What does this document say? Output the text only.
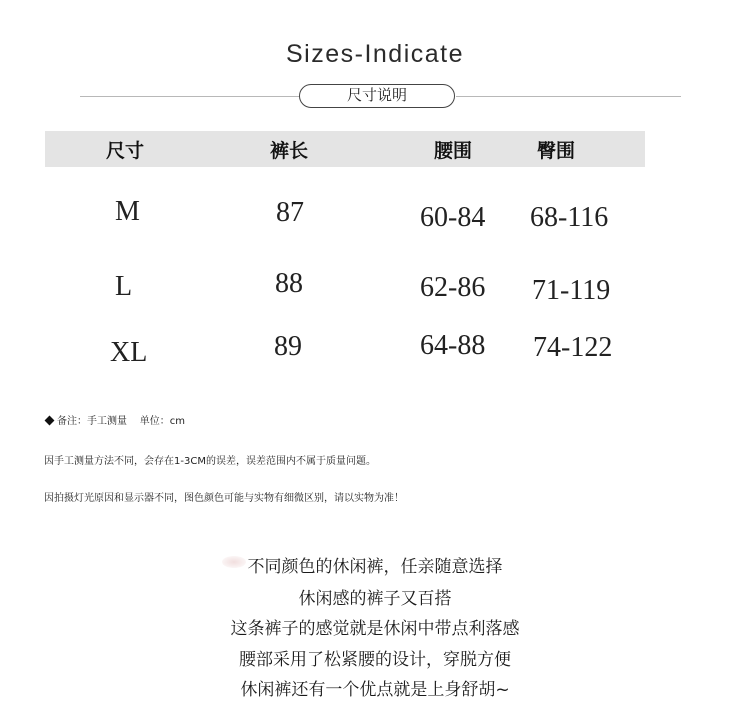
Sizes-Indicate
尺寸说明
尺寸	裤长	腰围	臀围
M	87	60-84 68-116
L	88	62-86 71-119
XL	89	64-88 74-122
备注：手工测量    单位：cm
因手工测量方法不同，会存在1-3CM的误差，误差范围内不属于质量问题。
因拍摄灯光原因和显示器不同，图色颜色可能与实物有细微区别，请以实物为准！
不同颜色的休闲裤，任亲随意选择
休闲感的裤子又百搭
这条裤子的感觉就是休闲中带点利落感
腰部采用了松紧腰的设计，穿脱方便
休闲裤还有一个优点就是上身舒胡~
